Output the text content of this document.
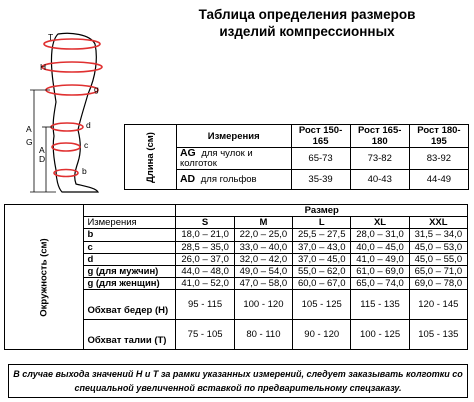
Таблица определения размеров
изделий компрессионных
T
H
g
A
G
A
D
d
c
b	Длина (см)	Измерения	Рост 150-165	Рост 165-180	Рост 180-195
	AG для чулок и колготок	65-73	73-82	83-92
	AD для гольфов	35-39	40-43	44-49
Окружность (см)		Размер				
	Измерения	S	M	L	XL	XXL
	b	18,0 – 21,0	22,0 – 25,0	25,5 – 27,5	28,0 – 31,0	31,5 – 34,0
	c	28,5 – 35,0	33,0 – 40,0	37,0 – 43,0	40,0 – 45,0	45,0 – 53,0
	d	26,0 – 37,0	32,0 – 42,0	37,0 – 45,0	41,0 – 49,0	45,0 – 55,0
	g (для мужчин)	44,0 – 48,0	49,0 – 54,0	55,0 – 62,0	61,0 – 69,0	65,0 – 71,0
	g (для женщин)	41,0 – 52,0	47,0 – 58,0	60,0 – 67,0	65,0 – 74,0	69,0 – 78,0
	Обхват бедер (H)	95 - 115	100 - 120	105 - 125	115 - 135	120 - 145
	Обхват талии (T)	75 - 105	80 - 110	90 - 120	100 - 125	105 - 135
В случае выхода значений H и T за рамки указанных измерений, следует заказывать колготки со
специальной увеличенной вставкой по предварительному спецзаказу.
